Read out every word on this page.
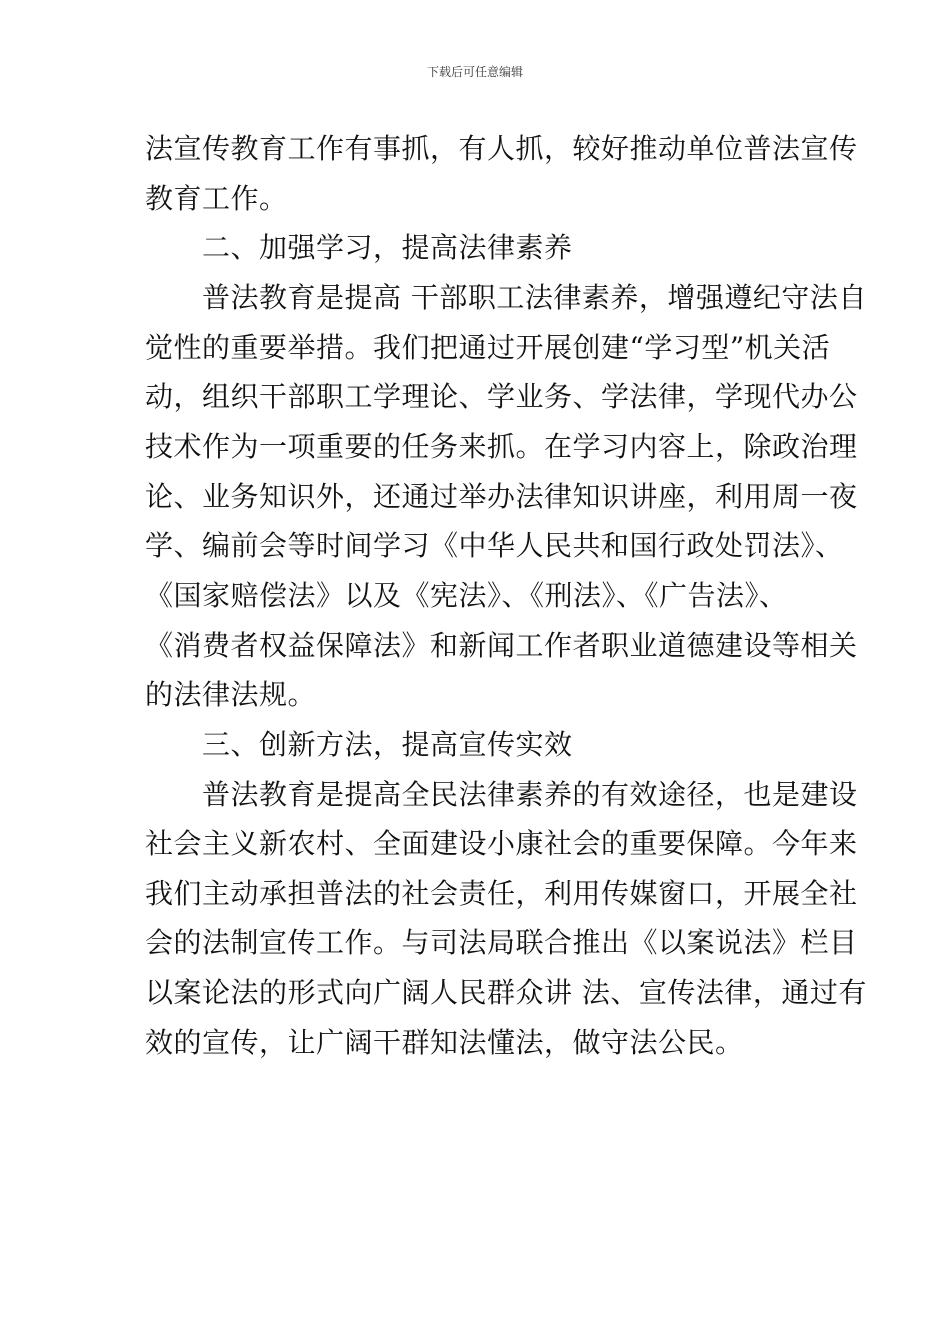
下载后可任意编辑
法宣传教育工作有事抓，有人抓，较好推动单位普法宣传
教育工作。
　　二、加强学习，提高法律素养
　　普法教育是提高 干部职工法律素养，增强遵纪守法自
觉性的重要举措。我们把通过开展创建“学习型”机关活
动，组织干部职工学理论、学业务、学法律，学现代办公
技术作为一项重要的任务来抓。在学习内容上，除政治理
论、业务知识外，还通过举办法律知识讲座，利用周一夜
学、编前会等时间学习《中华人民共和国行政处罚法》、
《国家赔偿法》以及《宪法》、《刑法》、《广告法》、
《消费者权益保障法》和新闻工作者职业道德建设等相关
的法律法规。
　　三、创新方法，提高宣传实效
　　普法教育是提高全民法律素养的有效途径，也是建设
社会主义新农村、全面建设小康社会的重要保障。今年来
我们主动承担普法的社会责任，利用传媒窗口，开展全社
会的法制宣传工作。与司法局联合推出《以案说法》栏目
以案论法的形式向广阔人民群众讲 法、宣传法律，通过有
效的宣传，让广阔干群知法懂法，做守法公民。
